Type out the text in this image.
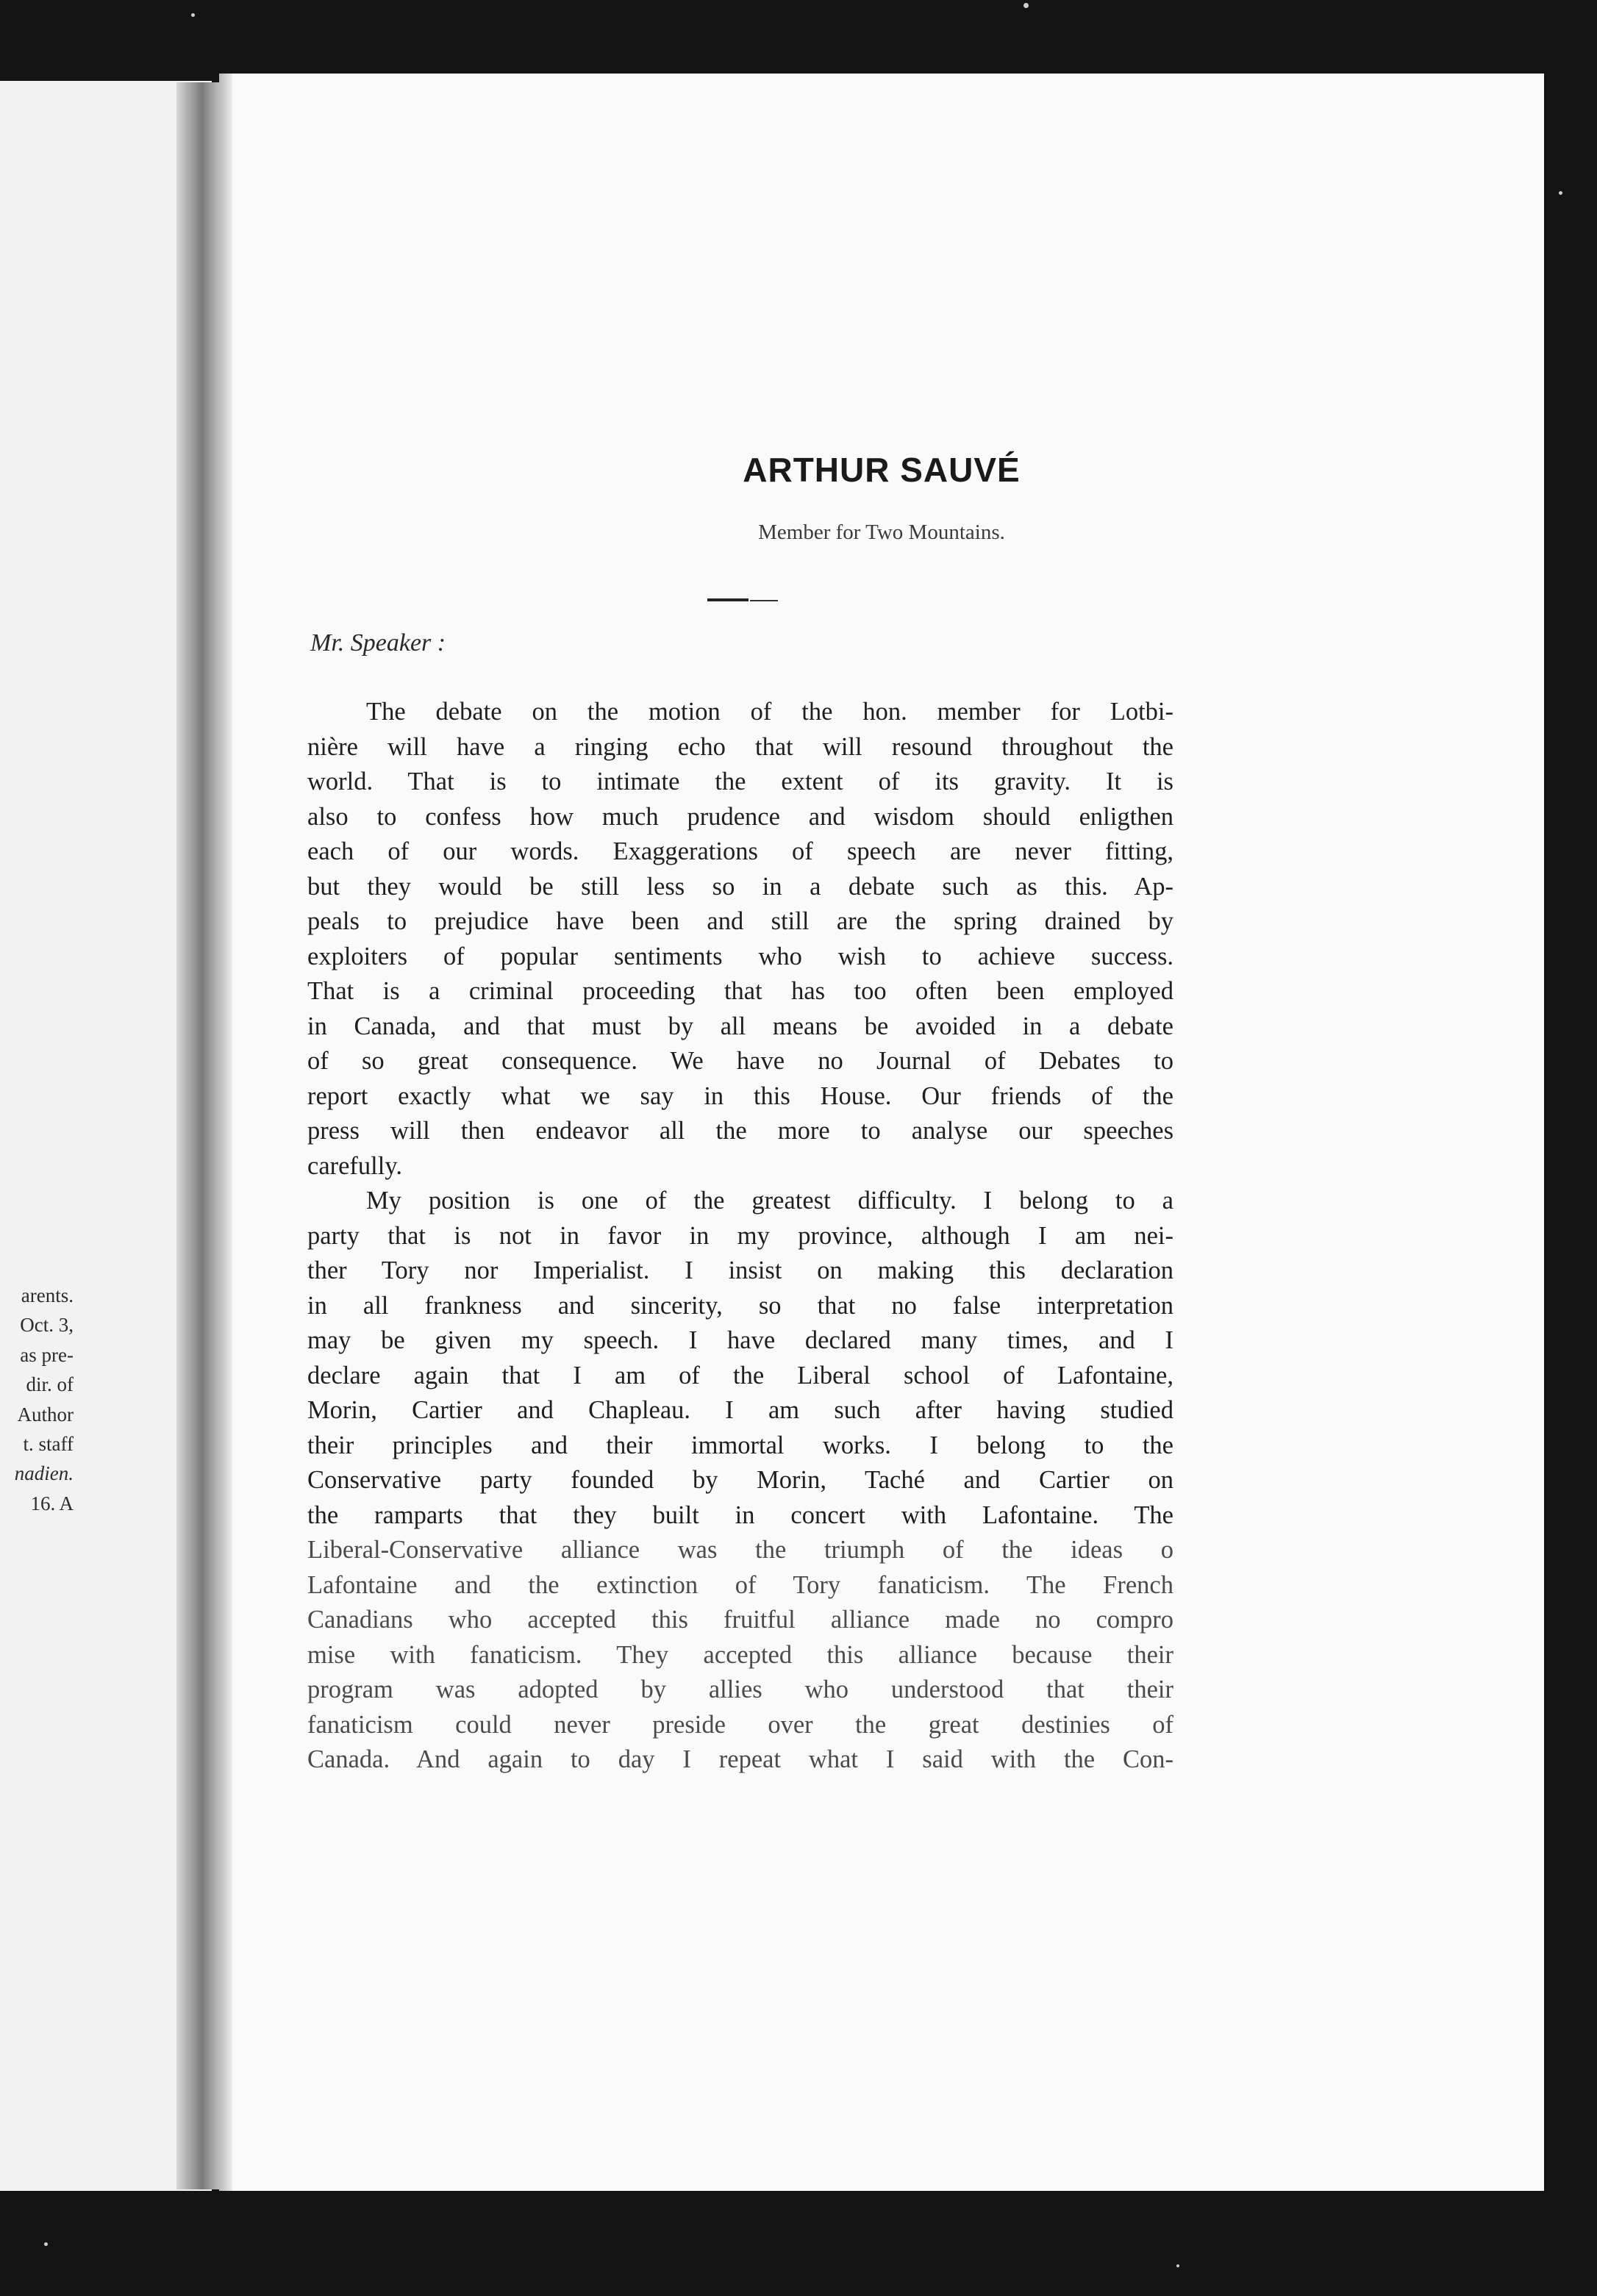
arents.
Oct. 3,
as pre-
dir. of
Author
t. staff
nadien.
16. A
ARTHUR SAUVÉ
Member for Two Mountains.
Mr. Speaker :
The debate on the motion of the hon. member for Lotbi-
nière will have a ringing echo that will resound throughout the
world. That is to intimate the extent of its gravity. It is
also to confess how much prudence and wisdom should enligthen
each of our words. Exaggerations of speech are never fitting,
but they would be still less so in a debate such as this. Ap-
peals to prejudice have been and still are the spring drained by
exploiters of popular sentiments who wish to achieve success.
That is a criminal proceeding that has too often been employed
in Canada, and that must by all means be avoided in a debate
of so great consequence. We have no Journal of Debates to
report exactly what we say in this House. Our friends of the
press will then endeavor all the more to analyse our speeches
carefully.
My position is one of the greatest difficulty. I belong to a
party that is not in favor in my province, although I am nei-
ther Tory nor Imperialist. I insist on making this declaration
in all frankness and sincerity, so that no false interpretation
may be given my speech. I have declared many times, and I
declare again that I am of the Liberal school of Lafontaine,
Morin, Cartier and Chapleau. I am such after having studied
their principles and their immortal works. I belong to the
Conservative party founded by Morin, Taché and Cartier on
the ramparts that they built in concert with Lafontaine. The
Liberal-Conservative alliance was the triumph of the ideas o
Lafontaine and the extinction of Tory fanaticism. The French
Canadians who accepted this fruitful alliance made no compro
mise with fanaticism. They accepted this alliance because their
program was adopted by allies who understood that their
fanaticism could never preside over the great destinies of
Canada. And again to day I repeat what I said with the Con-
